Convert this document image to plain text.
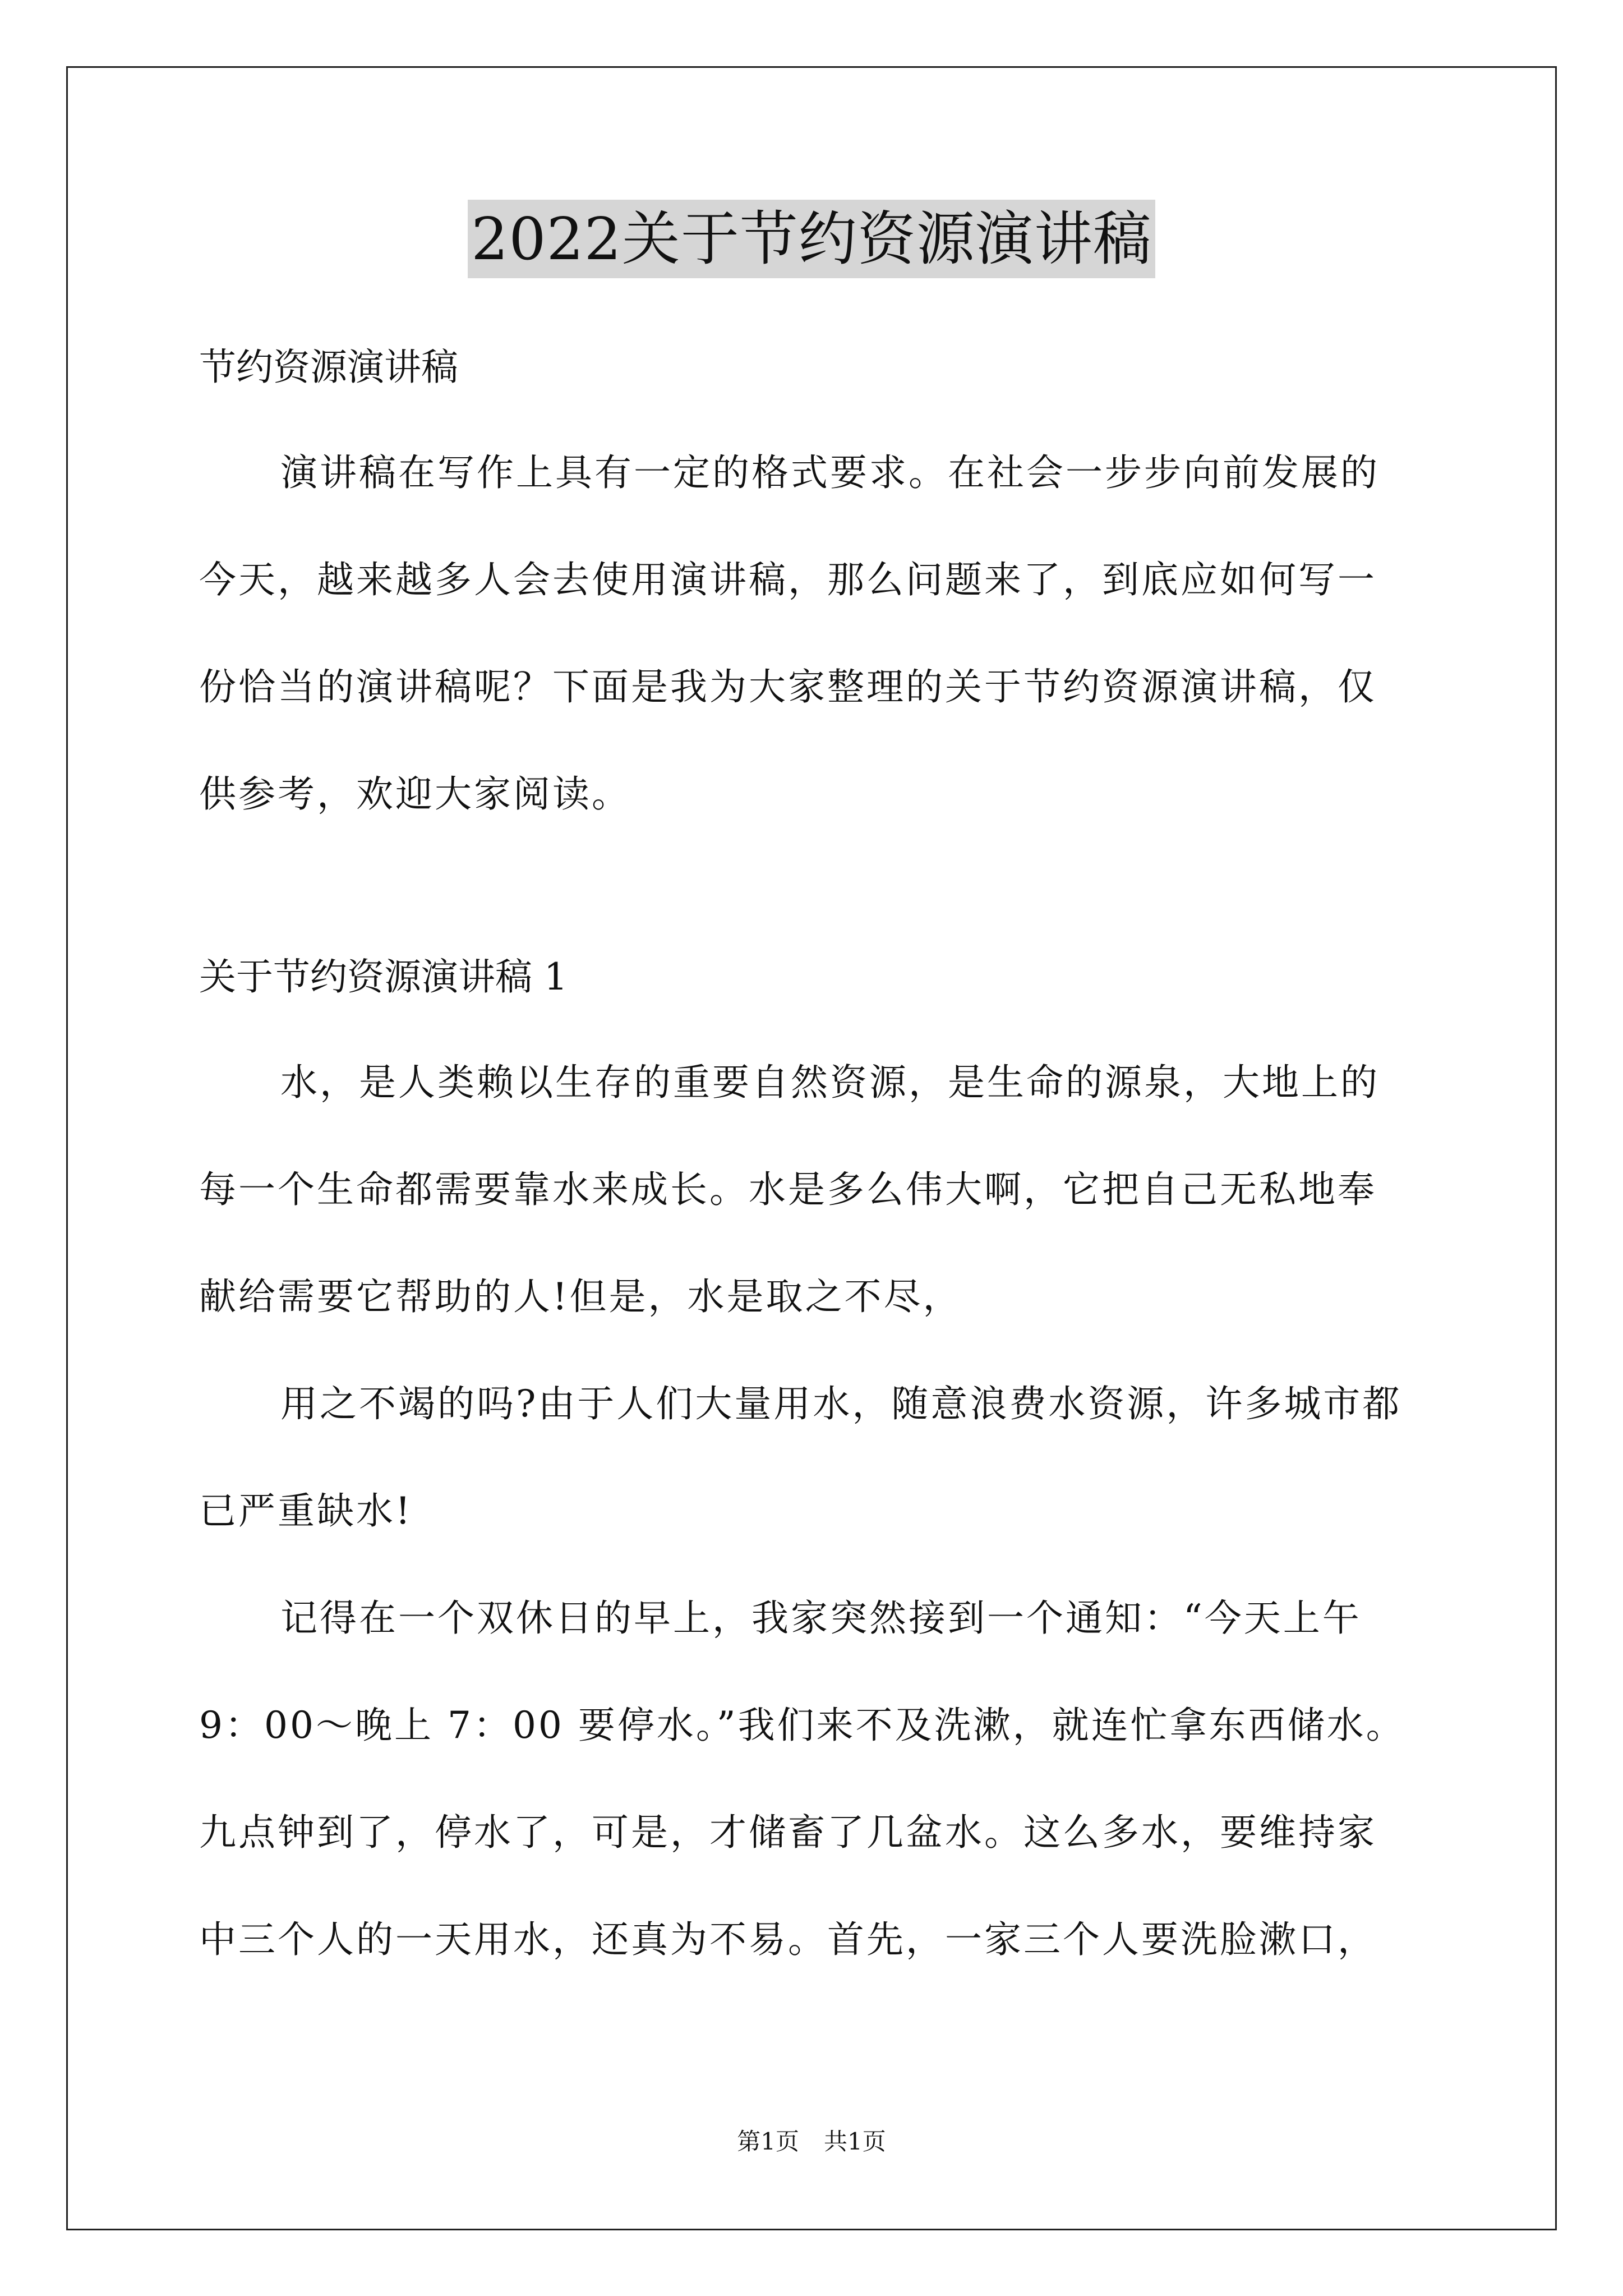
2022关于节约资源演讲稿
节约资源演讲稿
演讲稿在写作上具有一定的格式要求。在社会一步步向前发展的
今天，越来越多人会去使用演讲稿，那么问题来了，到底应如何写一
份恰当的演讲稿呢？下面是我为大家整理的关于节约资源演讲稿，仅
供参考，欢迎大家阅读。
关于节约资源演讲稿 1
水，是人类赖以生存的重要自然资源，是生命的源泉，大地上的
每一个生命都需要靠水来成长。水是多么伟大啊，它把自己无私地奉
献给需要它帮助的人!但是，水是取之不尽，
用之不竭的吗?由于人们大量用水，随意浪费水资源，许多城市都
已严重缺水!
记得在一个双休日的早上，我家突然接到一个通知：“今天上午
9：00～晚上 7：00 要停水。”我们来不及洗漱，就连忙拿东西储水。
九点钟到了，停水了，可是，才储畜了几盆水。这么多水，要维持家
中三个人的一天用水，还真为不易。首先，一家三个人要洗脸漱口，
第1页 共1页
